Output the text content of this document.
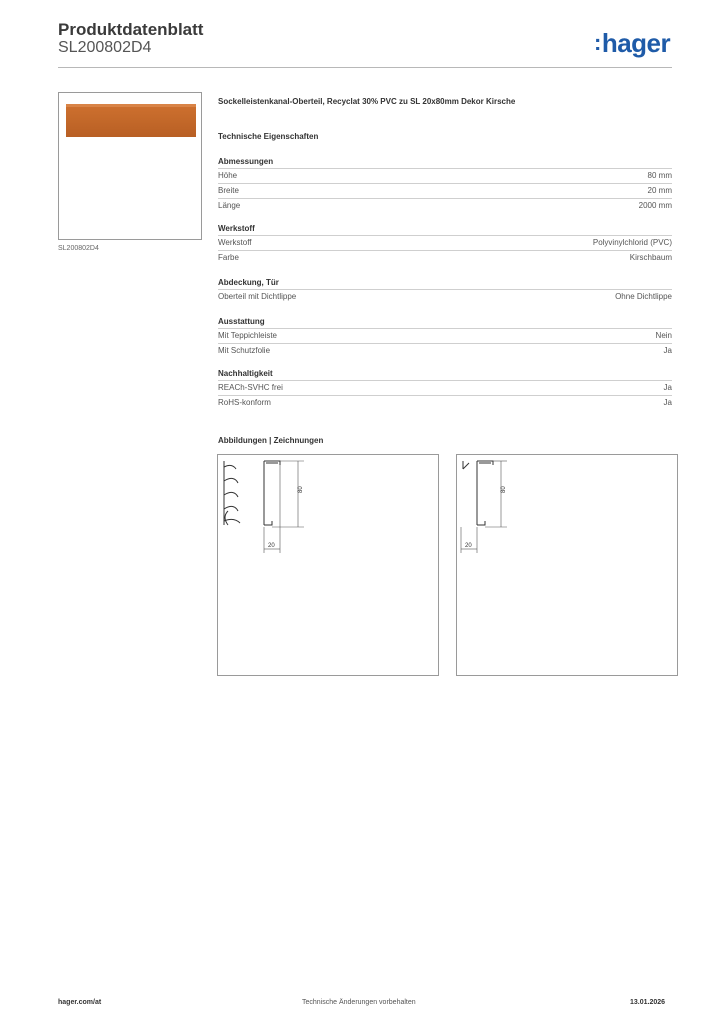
Produktdatenblatt
SL200802D4	:hager
SL200802D4
Sockelleistenkanal-Oberteil, Recyclat 30% PVC zu SL 20x80mm Dekor Kirsche
Technische Eigenschaften
Abmessungen
Höhe	80 mm
Breite	20 mm
Länge	2000 mm
Werkstoff
Werkstoff	Polyvinylchlorid (PVC)
Farbe	Kirschbaum
Abdeckung, Tür
Oberteil mit Dichtlippe	Ohne Dichtlippe
Ausstattung
Mit Teppichleiste	Nein
Mit Schutzfolie	Ja
Nachhaltigkeit
REACh-SVHC frei	Ja
RoHS-konform	Ja
Abbildungen | Zeichnungen
80
20
80
20
hager.com/at	Technische Änderungen vorbehalten	13.01.2026
